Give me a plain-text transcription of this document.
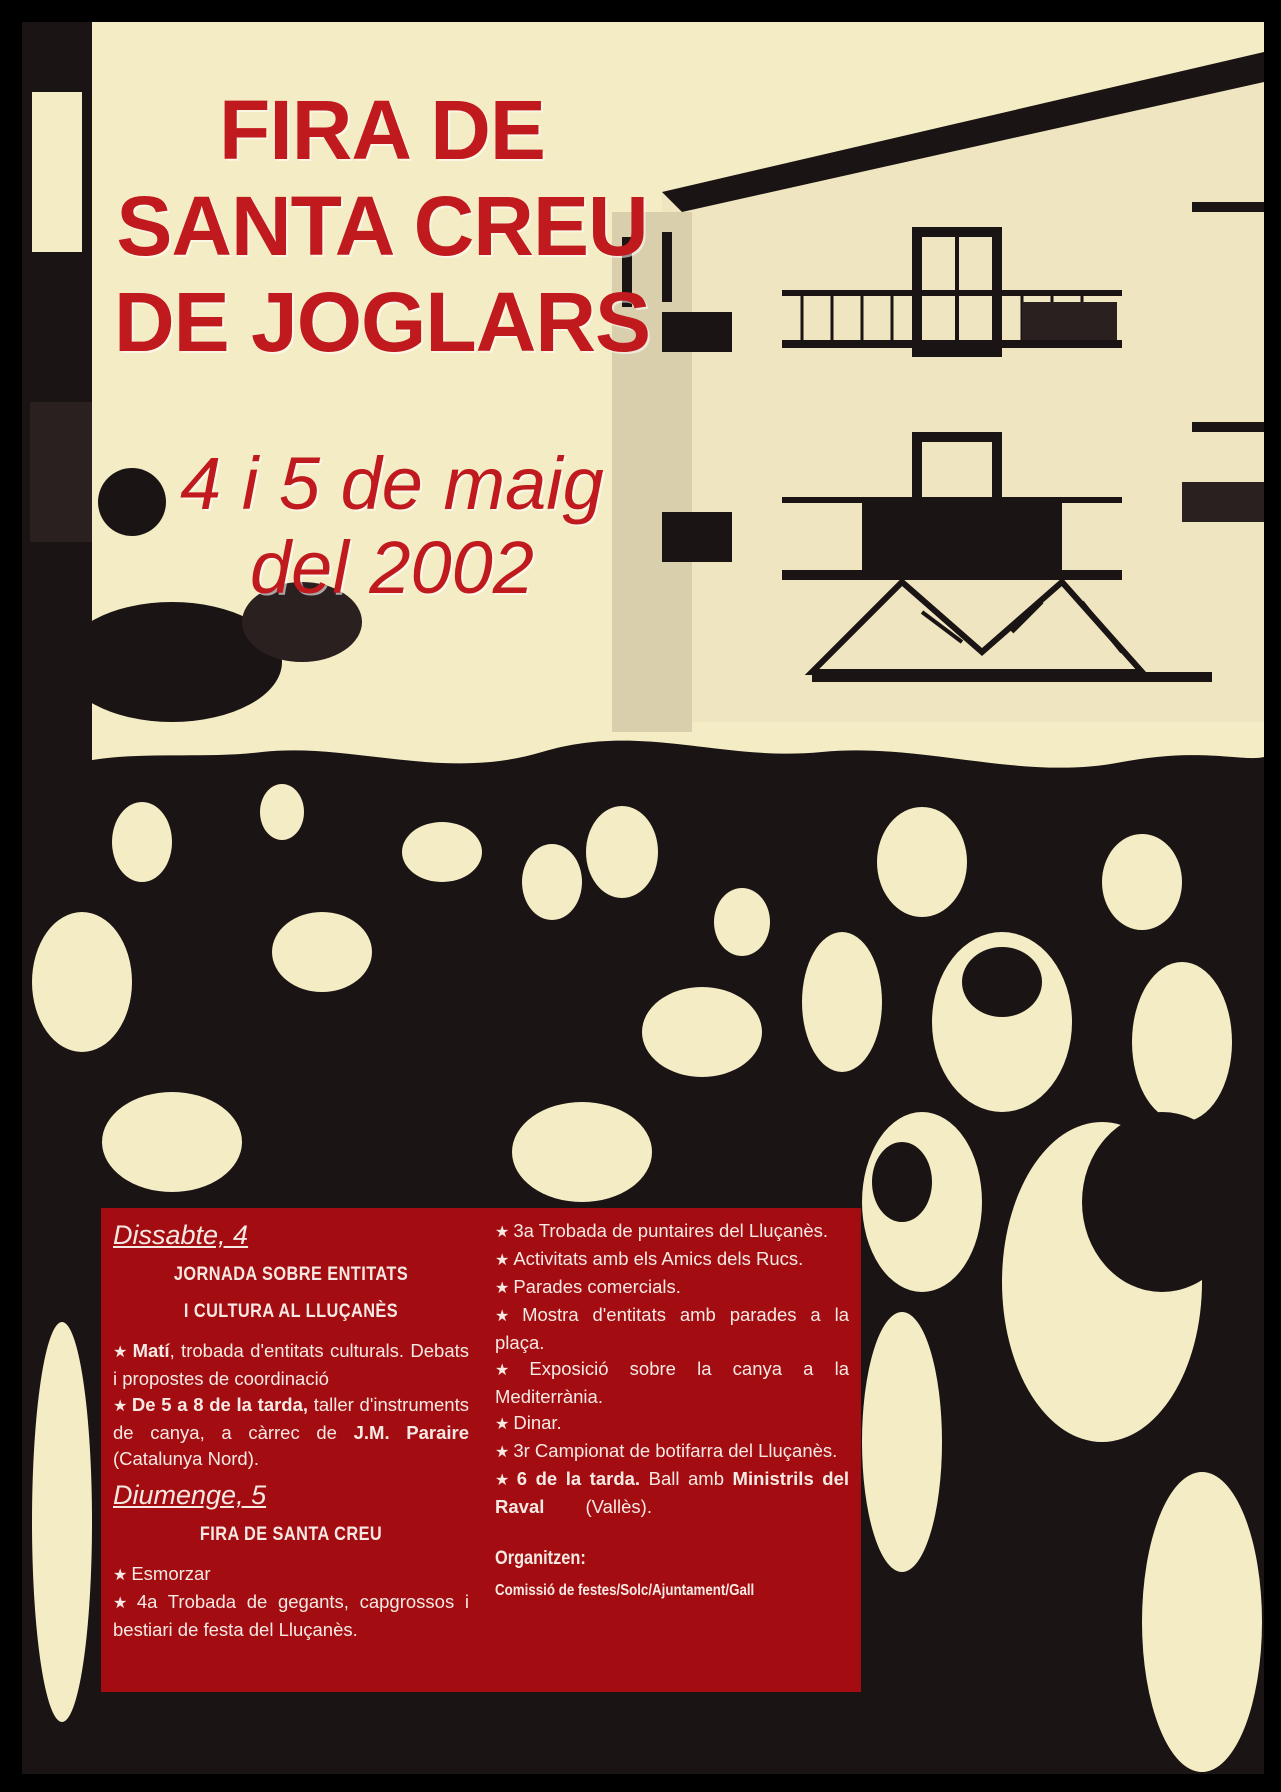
FIRA DE
SANTA CREU
DE JOGLARS
4 i 5 de maig
del 2002
Dissabte, 4
JORNADA SOBRE ENTITATS
I CULTURA AL LLUÇANÈS
★ Matí, trobada d'entitats culturals. Debats i propostes de coordinació
★ De 5 a 8 de la tarda, taller d'instruments de canya, a càrrec de J.M. Paraire (Catalunya Nord).
Diumenge, 5
FIRA DE SANTA CREU
★ Esmorzar
★ 4a Trobada de gegants, capgrossos i bestiari de festa del Lluçanès.
★ 3a Trobada de puntaires del Lluçanès.
★ Activitats amb els Amics dels Rucs.
★ Parades comercials.
★ Mostra d'entitats amb parades a la plaça.
★ Exposició sobre la canya a la Mediterrània.
★ Dinar.
★ 3r Campionat de botifarra del Lluçanès.
★ 6 de la tarda. Ball amb Ministrils del Raval        (Vallès).
Organitzen:
Comissió de festes/Solc/Ajuntament/Gall
